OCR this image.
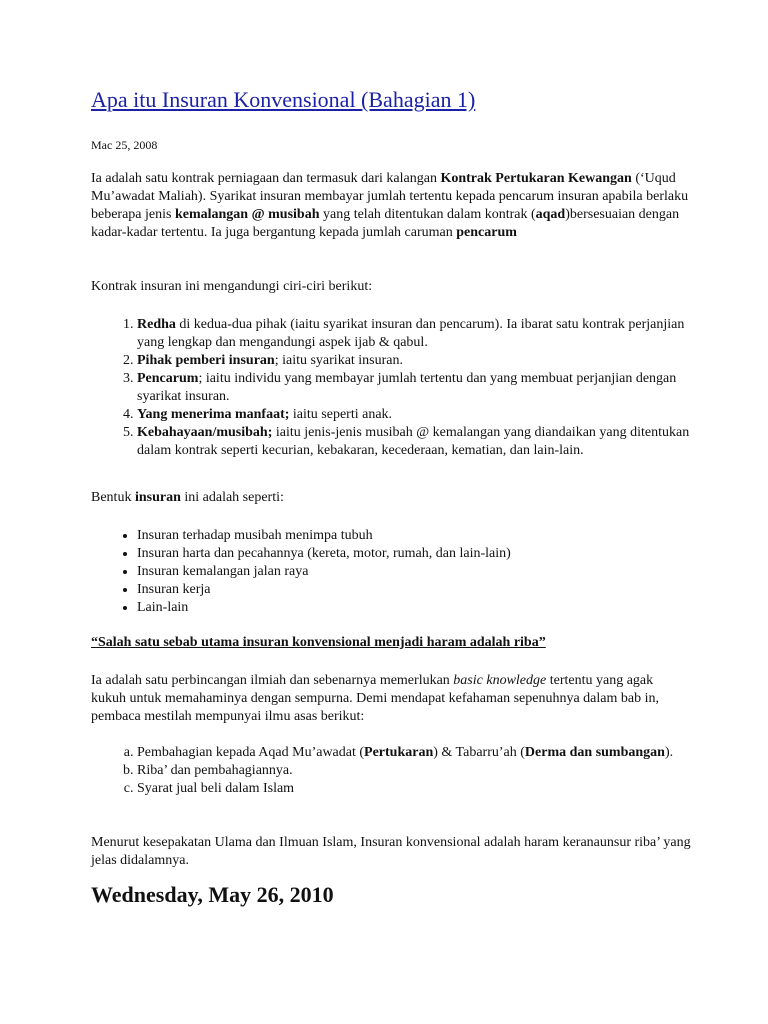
Apa itu Insuran Konvensional (Bahagian 1)
Mac 25, 2008

Ia adalah satu kontrak perniagaan dan termasuk dari kalangan Kontrak Pertukaran Kewangan (‘Uqud Mu’awadat Maliah). Syarikat insuran membayar jumlah tertentu kepada pencarum insuran apabila berlaku beberapa jenis kemalangan @ musibah yang telah ditentukan dalam kontrak (aqad)bersesuaian dengan kadar-kadar tertentu. Ia juga bergantung kepada jumlah caruman pencarum

Kontrak insuran ini mengandungi ciri-ciri berikut:

1. Redha di kedua-dua pihak (iaitu syarikat insuran dan pencarum). Ia ibarat satu kontrak perjanjian yang lengkap dan mengandungi aspek ijab & qabul.
2. Pihak pemberi insuran; iaitu syarikat insuran.
3. Pencarum; iaitu individu yang membayar jumlah tertentu dan yang membuat perjanjian dengan syarikat insuran.
4. Yang menerima manfaat; iaitu seperti anak.
5. Kebahayaan/musibah; iaitu jenis-jenis musibah @ kemalangan yang diandaikan yang ditentukan dalam kontrak seperti kecurian, kebakaran, kecederaan, kematian, dan lain-lain.

Bentuk insuran ini adalah seperti:

• Insuran terhadap musibah menimpa tubuh
• Insuran harta dan pecahannya (kereta, motor, rumah, dan lain-lain)
• Insuran kemalangan jalan raya
• Insuran kerja
• Lain-lain

“Salah satu sebab utama insuran konvensional menjadi haram adalah riba”

Ia adalah satu perbincangan ilmiah dan sebenarnya memerlukan basic knowledge tertentu yang agak kukuh untuk memahaminya dengan sempurna. Demi mendapat kefahaman sepenuhnya dalam bab in, pembaca mestilah mempunyai ilmu asas berikut:

a. Pembahagian kepada Aqad Mu’awadat (Pertukaran) & Tabarru’ah (Derma dan sumbangan).
b. Riba’ dan pembahagiannya.
c. Syarat jual beli dalam Islam

Menurut kesepakatan Ulama dan Ilmuan Islam, Insuran konvensional adalah haram keranaunsur riba’ yang jelas didalamnya.

Wednesday, May 26, 2010
